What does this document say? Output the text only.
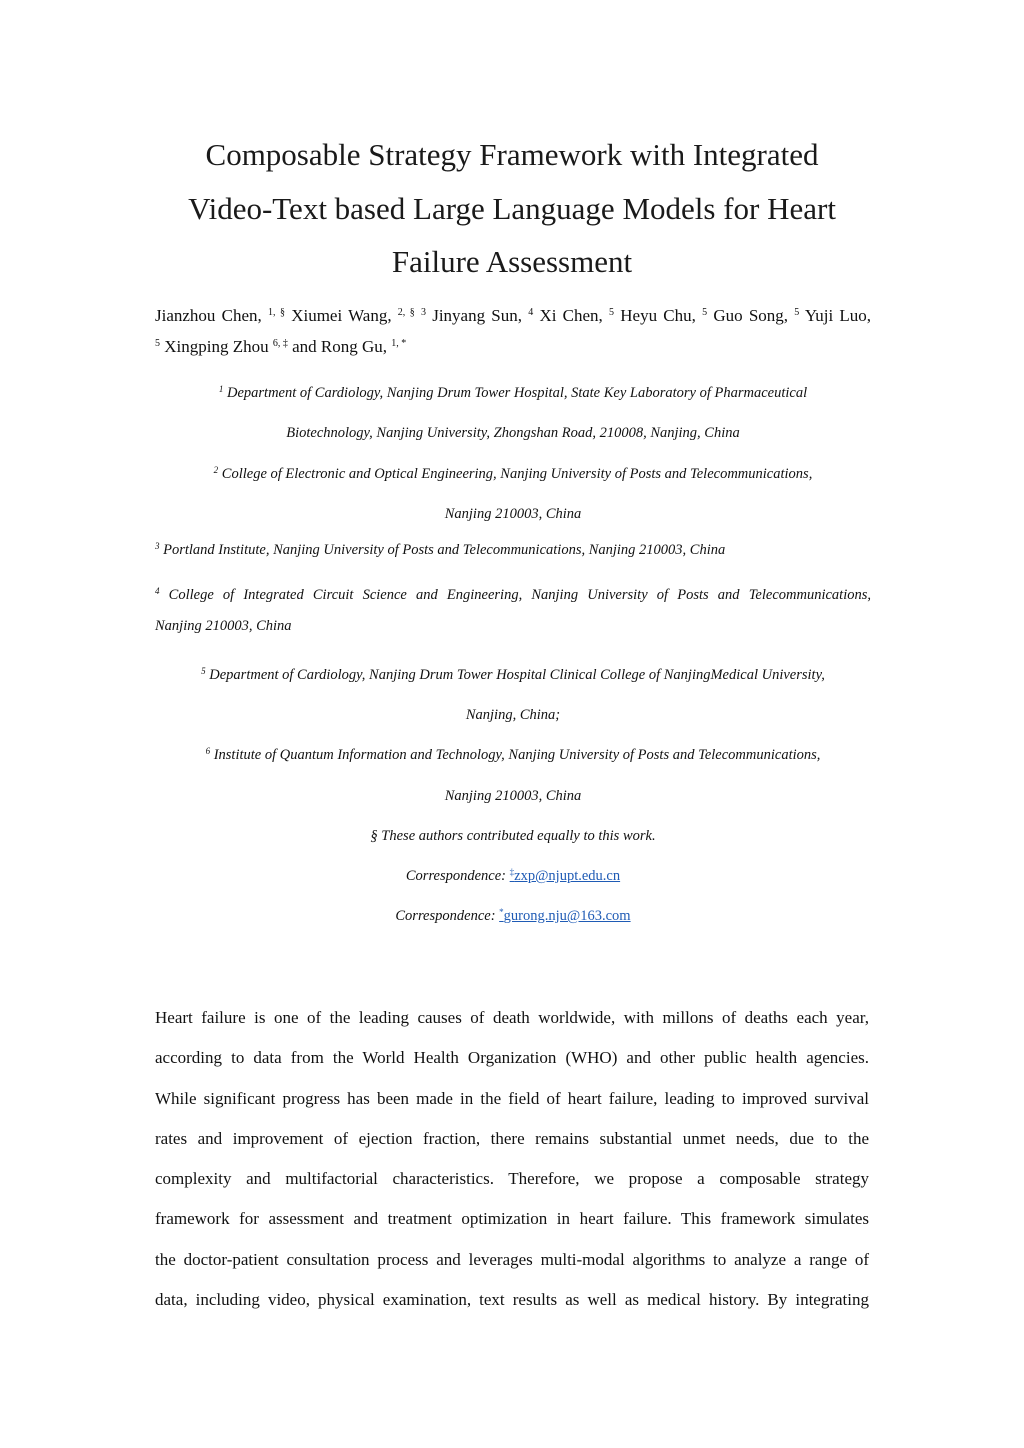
Composable Strategy Framework with Integrated
Video-Text based Large Language Models for Heart
Failure Assessment
Jianzhou Chen, $^{1, \S}$ Xiumei Wang, $^{2, \S}$ $^3$ Jinyang Sun, $^4$ Xi Chen, $^5$ Heyu Chu, $^5$ Guo Song, $^5$ Yuji Luo,
$^5$ Xingping Zhou $^{6, \ddagger}$ and Rong Gu, $^{1, *}$
$^1$ Department of Cardiology, Nanjing Drum Tower Hospital, State Key Laboratory of Pharmaceutical
Biotechnology, Nanjing University, Zhongshan Road, 210008, Nanjing, China
$^2$ College of Electronic and Optical Engineering, Nanjing University of Posts and Telecommunications,
Nanjing 210003, China
$^3$ Portland Institute, Nanjing University of Posts and Telecommunications, Nanjing 210003, China
$^4$ College of Integrated Circuit Science and Engineering, Nanjing University of Posts and Telecommunications,
Nanjing 210003, China
$^5$ Department of Cardiology, Nanjing Drum Tower Hospital Clinical College of NanjingMedical University,
Nanjing, China;
$^6$ Institute of Quantum Information and Technology, Nanjing University of Posts and Telecommunications,
Nanjing 210003, China
§ These authors contributed equally to this work.
Correspondence: ‡zxp@njupt.edu.cn
Correspondence: *gurong.nju@163.com
Heart failure is one of the leading causes of death worldwide, with millons of deaths each year,
according to data from the World Health Organization (WHO) and other public health agencies.
While significant progress has been made in the field of heart failure, leading to improved survival
rates and improvement of ejection fraction, there remains substantial unmet needs, due to the
complexity and multifactorial characteristics. Therefore, we propose a composable strategy
framework for assessment and treatment optimization in heart failure. This framework simulates
the doctor-patient consultation process and leverages multi-modal algorithms to analyze a range of
data, including video, physical examination, text results as well as medical history. By integrating
